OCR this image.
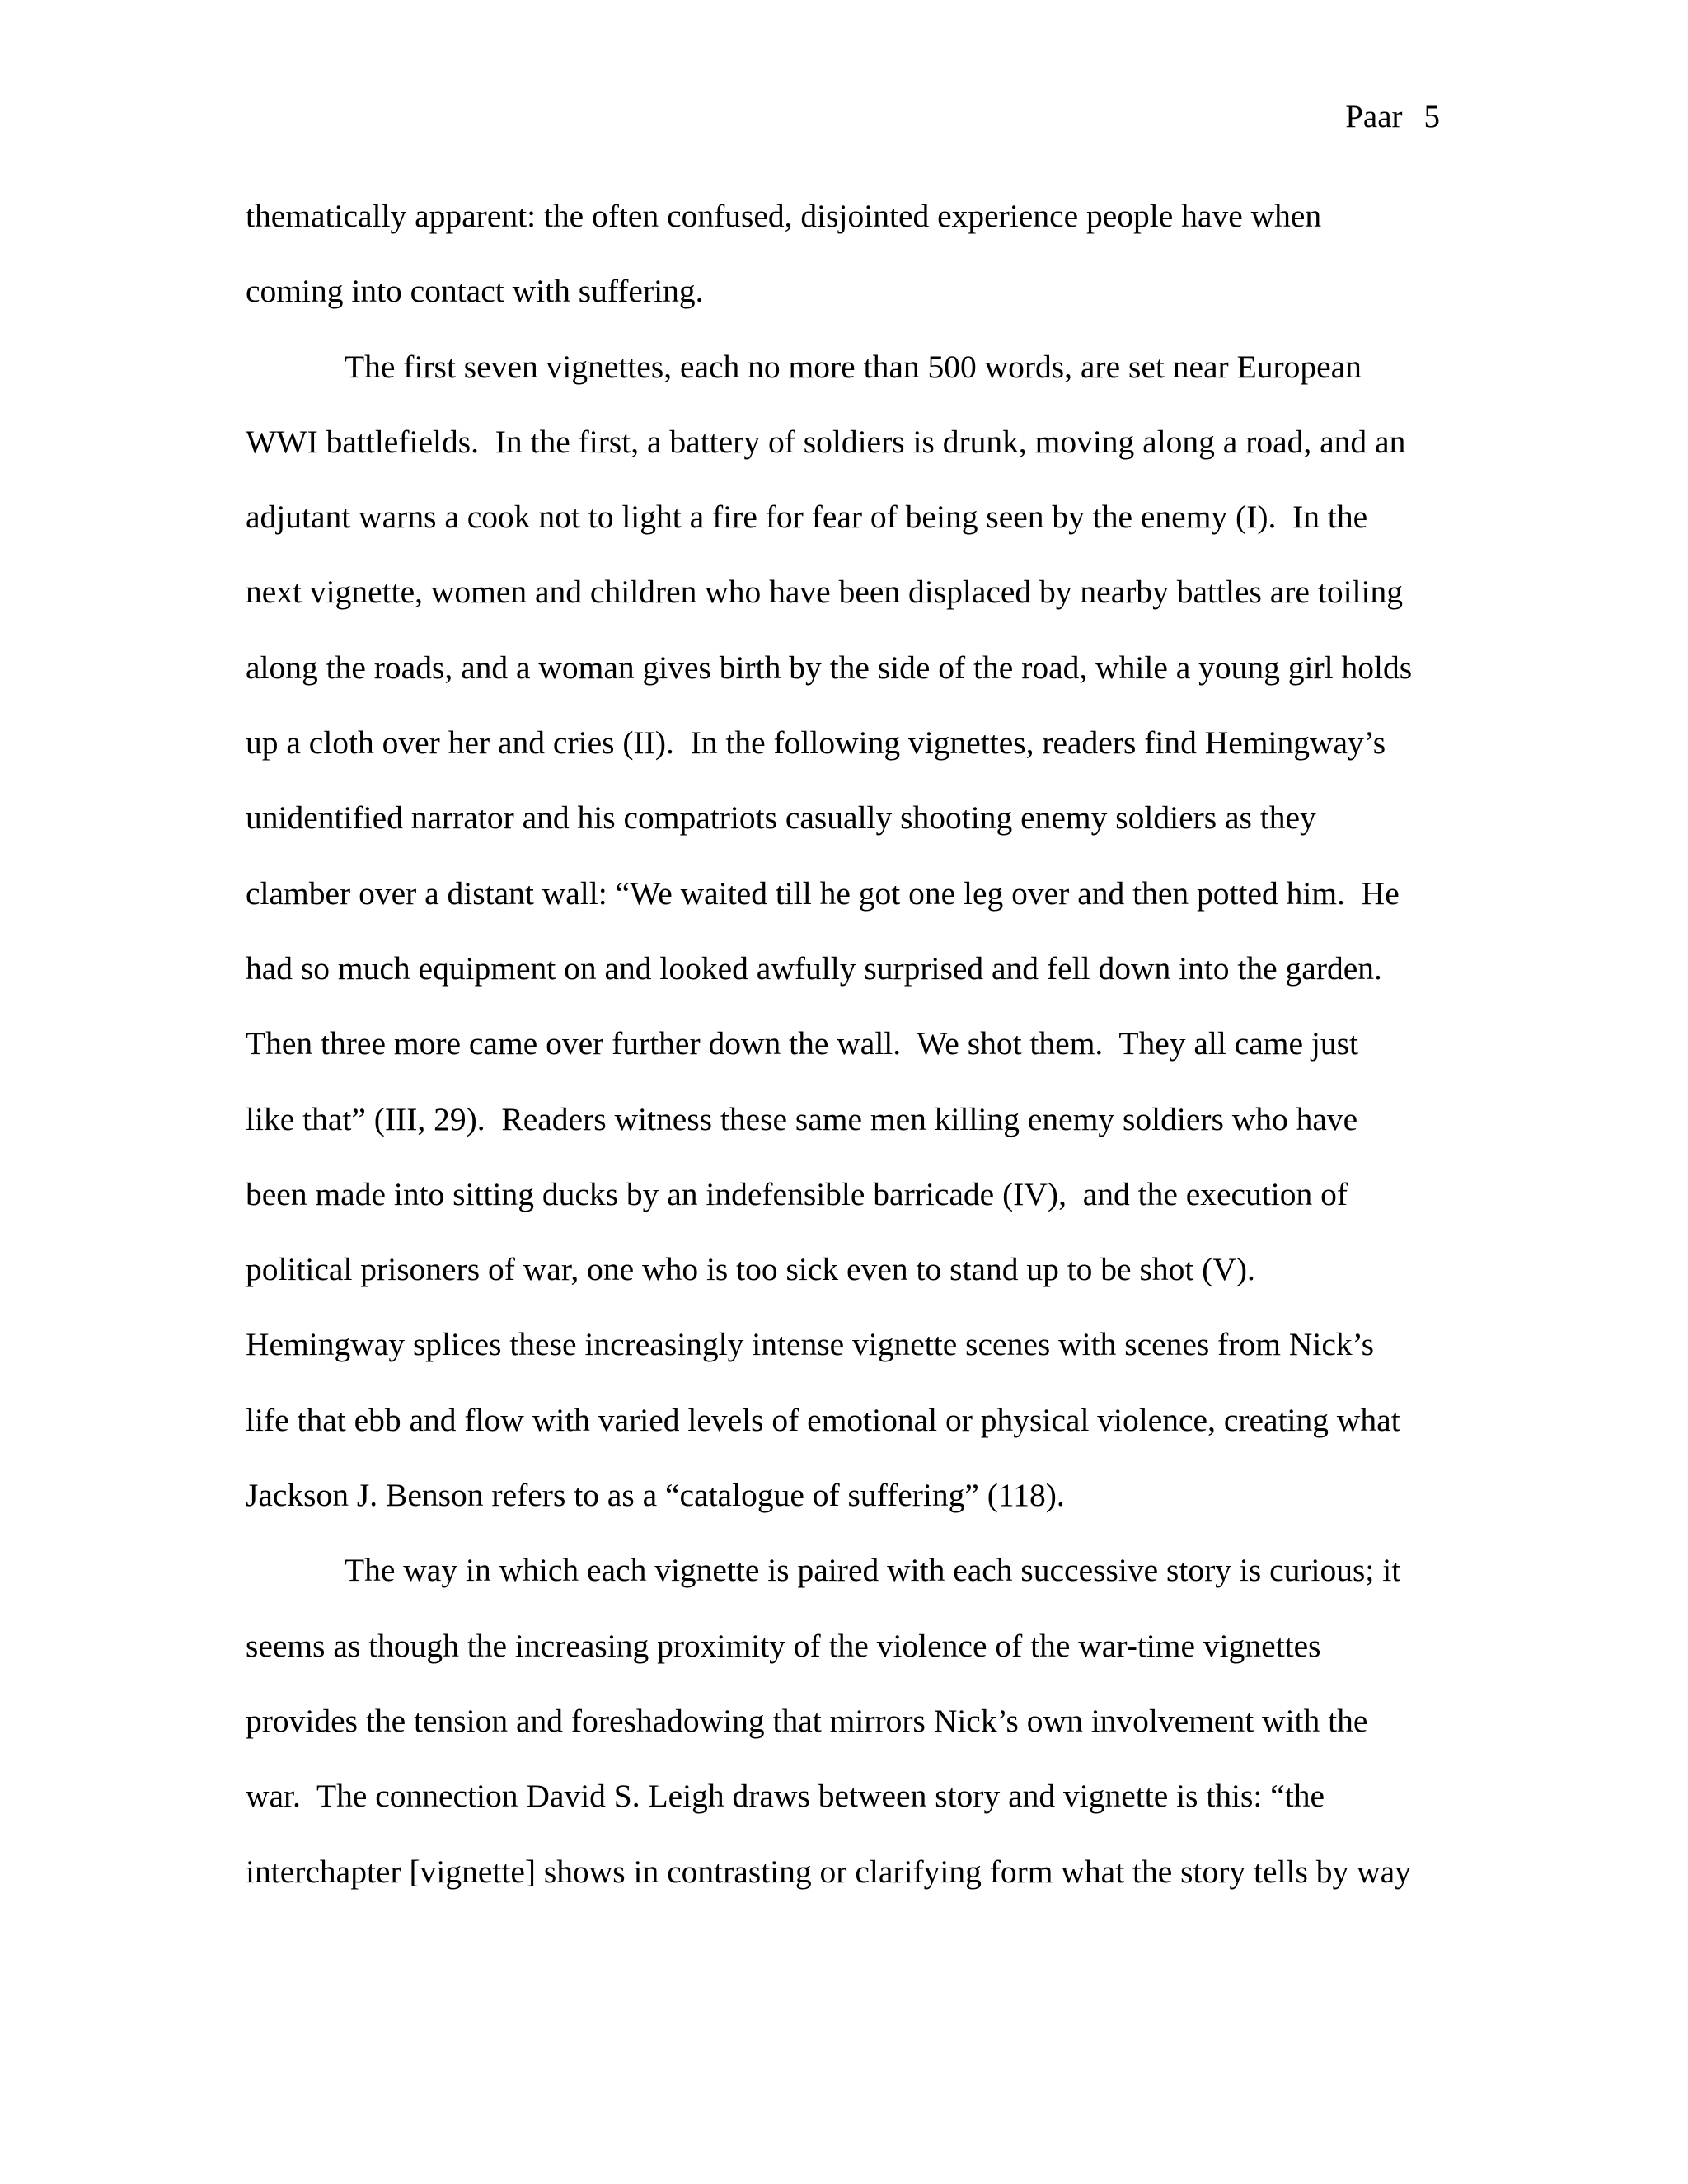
Paar 5
thematically apparent: the often confused, disjointed experience people have when
coming into contact with suffering.
The first seven vignettes, each no more than 500 words, are set near European
WWI battlefields.  In the first, a battery of soldiers is drunk, moving along a road, and an
adjutant warns a cook not to light a fire for fear of being seen by the enemy (I).  In the
next vignette, women and children who have been displaced by nearby battles are toiling
along the roads, and a woman gives birth by the side of the road, while a young girl holds
up a cloth over her and cries (II).  In the following vignettes, readers find Hemingway’s
unidentified narrator and his compatriots casually shooting enemy soldiers as they
clamber over a distant wall: “We waited till he got one leg over and then potted him.  He
had so much equipment on and looked awfully surprised and fell down into the garden.
Then three more came over further down the wall.  We shot them.  They all came just
like that” (III, 29).  Readers witness these same men killing enemy soldiers who have
been made into sitting ducks by an indefensible barricade (IV),  and the execution of
political prisoners of war, one who is too sick even to stand up to be shot (V).
Hemingway splices these increasingly intense vignette scenes with scenes from Nick’s
life that ebb and flow with varied levels of emotional or physical violence, creating what
Jackson J. Benson refers to as a “catalogue of suffering” (118).
The way in which each vignette is paired with each successive story is curious; it
seems as though the increasing proximity of the violence of the war-time vignettes
provides the tension and foreshadowing that mirrors Nick’s own involvement with the
war.  The connection David S. Leigh draws between story and vignette is this: “the
interchapter [vignette] shows in contrasting or clarifying form what the story tells by way
